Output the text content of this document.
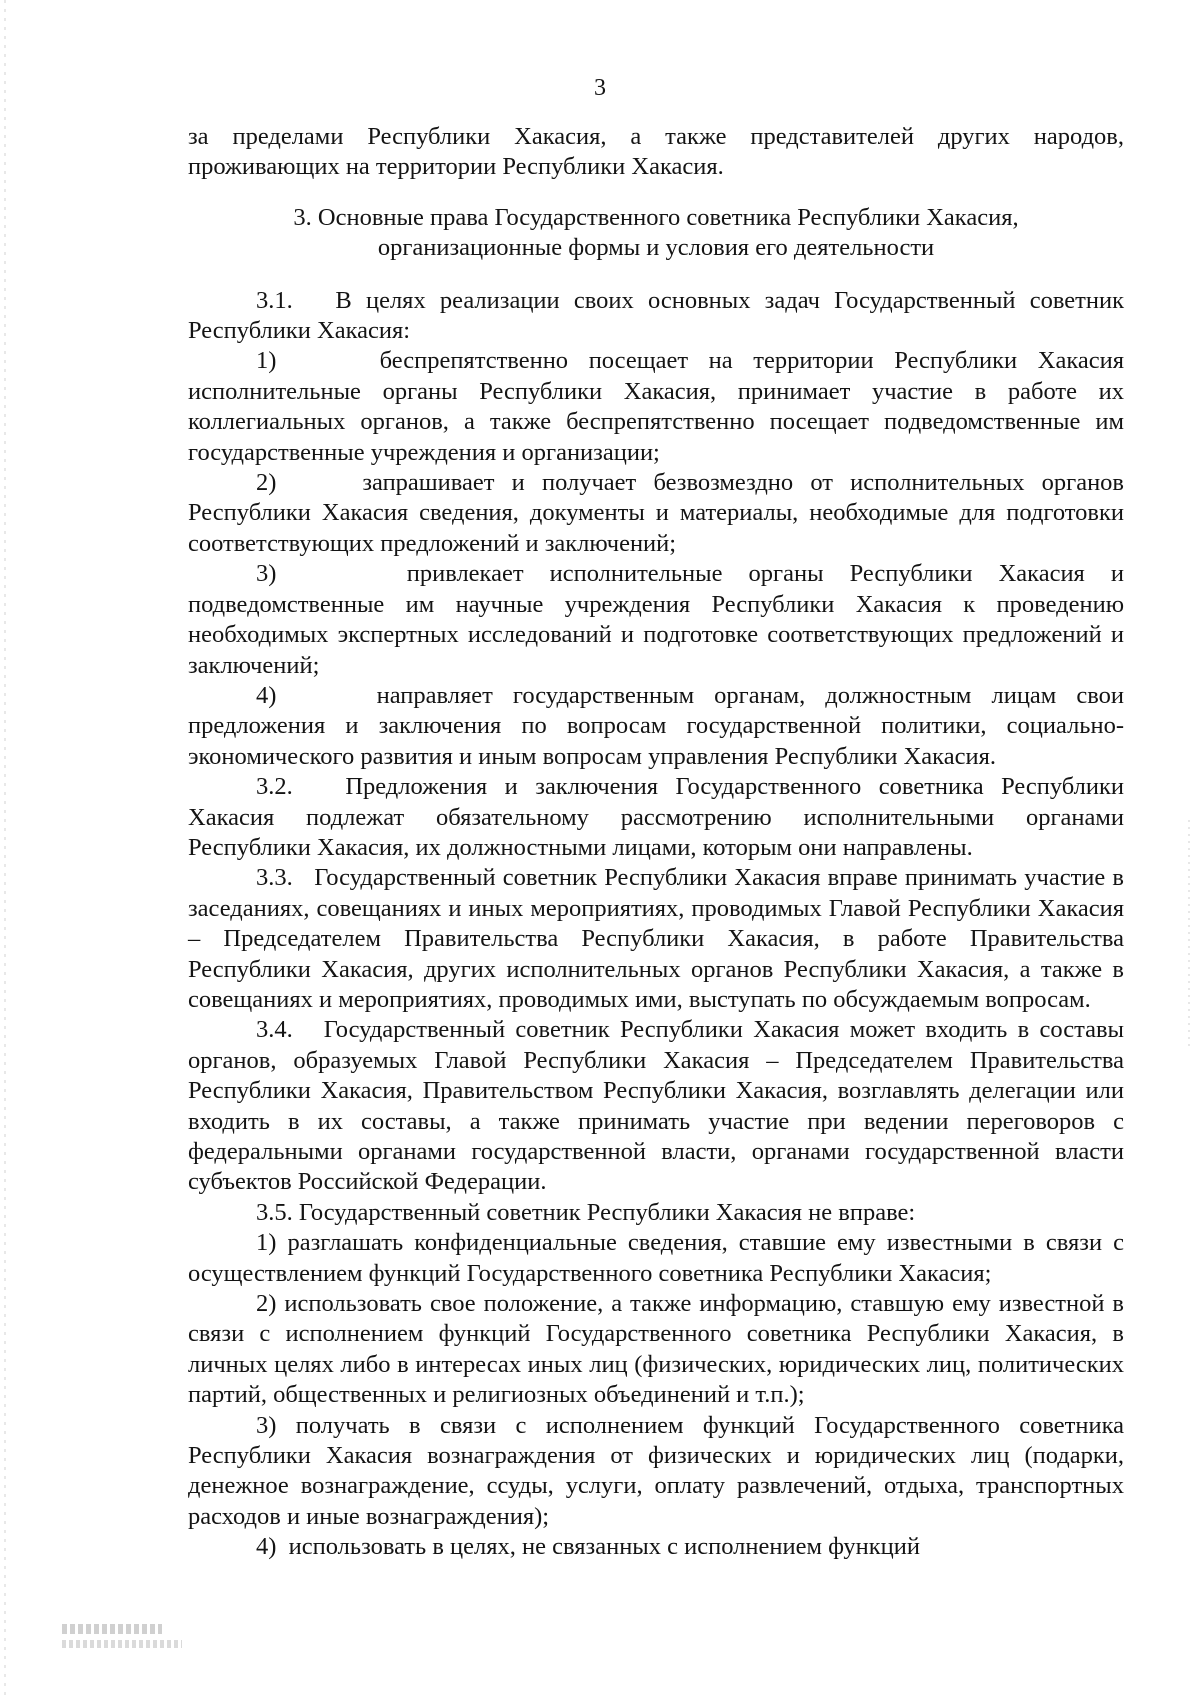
3

за пределами Республики Хакасия, а также представителей других народов, проживающих на территории Республики Хакасия.

3. Основные права Государственного советника Республики Хакасия,
организационные формы и условия его деятельности

3.1.   В целях реализации своих основных задач Государственный советник Республики Хакасия:

1)     беспрепятственно посещает на территории Республики Хакасия исполнительные органы Республики Хакасия, принимает участие в работе их коллегиальных органов, а также беспрепятственно посещает подведомственные им государственные учреждения и организации;

2)     запрашивает и получает безвозмездно от исполнительных органов Республики Хакасия сведения, документы и материалы, необходимые для подготовки соответствующих предложений и заключений;

3)     привлекает исполнительные органы Республики Хакасия и подведомственные им научные учреждения Республики Хакасия к проведению необходимых экспертных исследований и подготовке соответствующих предложений и заключений;

4)     направляет государственным органам, должностным лицам свои предложения и заключения по вопросам государственной политики, социально-экономического развития и иным вопросам управления Республики Хакасия.

3.2.   Предложения и заключения Государственного советника Республики Хакасия подлежат обязательному рассмотрению исполнительными органами Республики Хакасия, их должностными лицами, которым они направлены.

3.3.   Государственный советник Республики Хакасия вправе принимать участие в заседаниях, совещаниях и иных мероприятиях, проводимых Главой Республики Хакасия – Председателем Правительства Республики Хакасия, в работе Правительства Республики Хакасия, других исполнительных органов Республики Хакасия, а также в совещаниях и мероприятиях, проводимых ими, выступать по обсуждаемым вопросам.

3.4.   Государственный советник Республики Хакасия может входить в составы органов, образуемых Главой Республики Хакасия – Председателем Правительства Республики Хакасия, Правительством Республики Хакасия, возглавлять делегации или входить в их составы, а также принимать участие при ведении переговоров с федеральными органами государственной власти, органами государственной власти субъектов Российской Федерации.

3.5. Государственный советник Республики Хакасия не вправе:

1) разглашать конфиденциальные сведения, ставшие ему известными в связи с осуществлением функций Государственного советника Республики Хакасия;

2) использовать свое положение, а также информацию, ставшую ему известной в связи с исполнением функций Государственного советника Республики Хакасия, в личных целях либо в интересах иных лиц (физических, юридических лиц, политических партий, общественных и религиозных объединений и т.п.);

3) получать в связи с исполнением функций Государственного советника Республики Хакасия вознаграждения от физических и юридических лиц (подарки, денежное вознаграждение, ссуды, услуги, оплату развлечений, отдыха, транспортных расходов и иные вознаграждения);

4)  использовать в целях, не связанных с исполнением функций
